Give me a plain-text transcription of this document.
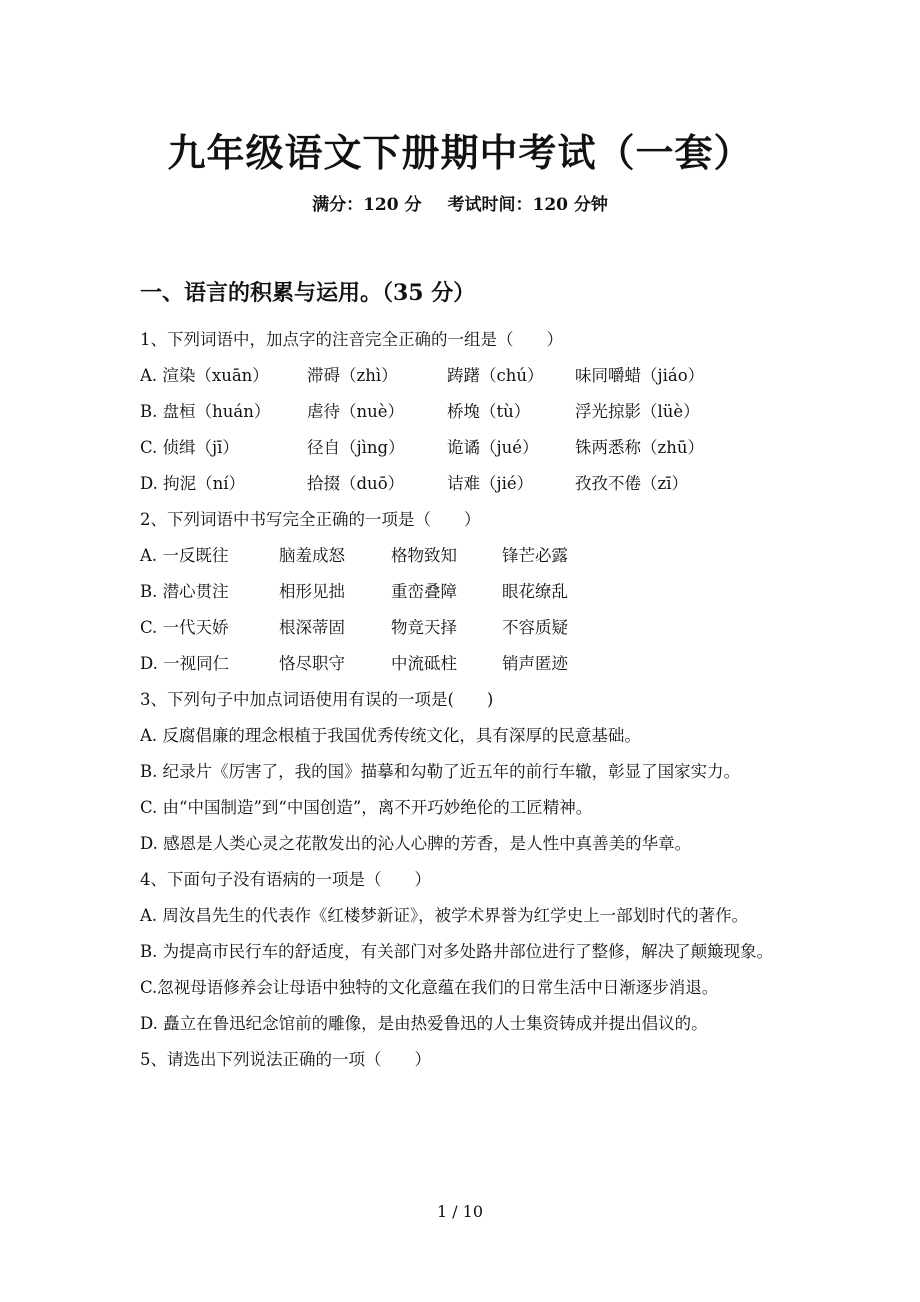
九年级语文下册期中考试（一套）
满分：120 分 考试时间：120 分钟
一、语言的积累与运用。（35 分）
1、下列词语中，加点字的注音完全正确的一组是（　　）
A. 渲染（xuān）	滞碍（zhì）	踌躇（chú）	味同嚼蜡（jiáo）
B. 盘桓（huán）	虐待（nuè）	桥堍（tù）	浮光掠影（lüè）
C. 侦缉（jī）	径自（jìng）	诡谲（jué）	铢两悉称（zhū）
D. 拘泥（ní）	拾掇（duō）	诘难（jié）	孜孜不倦（zī）
2、下列词语中书写完全正确的一项是（　　）
A. 一反既往	脑羞成怒	格物致知	锋芒必露
B. 潜心贯注	相形见拙	重峦叠障	眼花缭乱
C. 一代天娇	根深蒂固	物竞天择	不容质疑
D. 一视同仁	恪尽职守	中流砥柱	销声匿迹
3、下列句子中加点词语使用有误的一项是(　　)
A. 反腐倡廉的理念根植于我国优秀传统文化，具有深厚的民意基础。
B. 纪录片《厉害了，我的国》描摹和勾勒了近五年的前行车辙，彰显了国家实力。
C. 由“中国制造”到“中国创造”，离不开巧妙绝伦的工匠精神。
D. 感恩是人类心灵之花散发出的沁人心脾的芳香，是人性中真善美的华章。
4、下面句子没有语病的一项是（　　）
A. 周汝昌先生的代表作《红楼梦新证》，被学术界誉为红学史上一部划时代的著作。
B. 为提高市民行车的舒适度，有关部门对多处路井部位进行了整修，解决了颠簸现象。
C.忽视母语修养会让母语中独特的文化意蕴在我们的日常生活中日渐逐步消退。
D. 矗立在鲁迅纪念馆前的雕像，是由热爱鲁迅的人士集资铸成并提出倡议的。
5、请选出下列说法正确的一项（　　）
1 / 10
